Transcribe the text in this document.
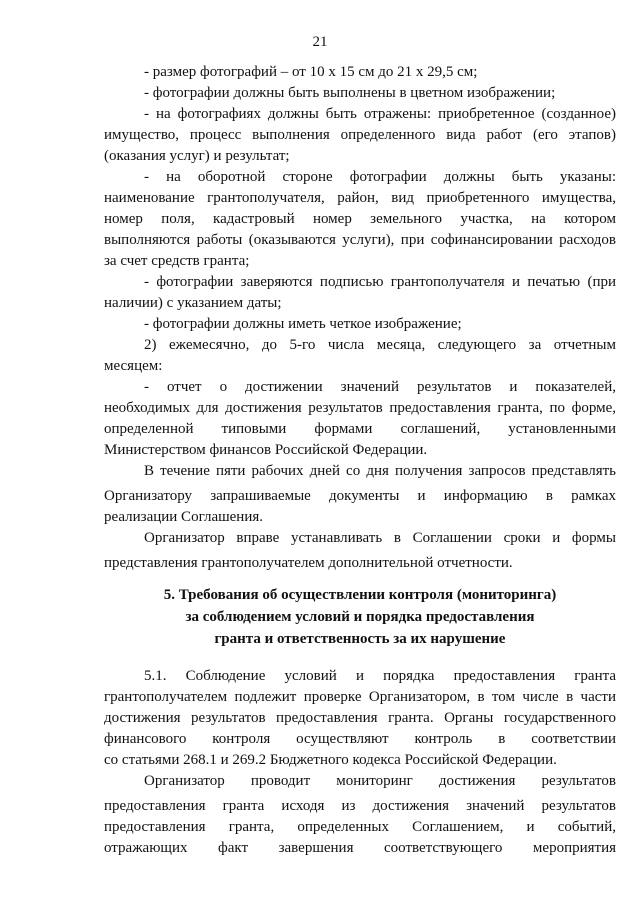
21
- размер фотографий – от 10 х 15 см до 21 х 29,5 см;
- фотографии должны быть выполнены в цветном изображении;
- на фотографиях должны быть отражены: приобретенное (созданное)
имущество, процесс выполнения определенного вида работ (его этапов)
(оказания услуг) и результат;
- на оборотной стороне фотографии должны быть указаны:
наименование грантополучателя, район, вид приобретенного имущества,
номер поля, кадастровый номер земельного участка, на котором
выполняются работы (оказываются услуги), при софинансировании расходов
за счет средств гранта;
- фотографии заверяются подписью грантополучателя и печатью (при
наличии) с указанием даты;
- фотографии должны иметь четкое изображение;
2) ежемесячно, до 5-го числа месяца, следующего за отчетным
месяцем:
- отчет о достижении значений результатов и показателей,
необходимых для достижения результатов предоставления гранта, по форме,
определенной типовыми формами соглашений, установленными
Министерством финансов Российской Федерации.
В течение пяти рабочих дней со дня получения запросов представлять
Организатору запрашиваемые документы и информацию в рамках
реализации Соглашения.
Организатор вправе устанавливать в Соглашении сроки и формы
представления грантополучателем дополнительной отчетности.
5. Требования об осуществлении контроля (мониторинга)
за соблюдением условий и порядка предоставления
гранта и ответственность за их нарушение
5.1. Соблюдение условий и порядка предоставления гранта
грантополучателем подлежит проверке Организатором, в том числе в части
достижения результатов предоставления гранта. Органы государственного
финансового контроля осуществляют контроль в соответствии
со статьями 268.1 и 269.2 Бюджетного кодекса Российской Федерации.
Организатор проводит мониторинг достижения результатов
предоставления гранта исходя из достижения значений результатов
предоставления гранта, определенных Соглашением, и событий,
отражающих факт завершения соответствующего мероприятия
